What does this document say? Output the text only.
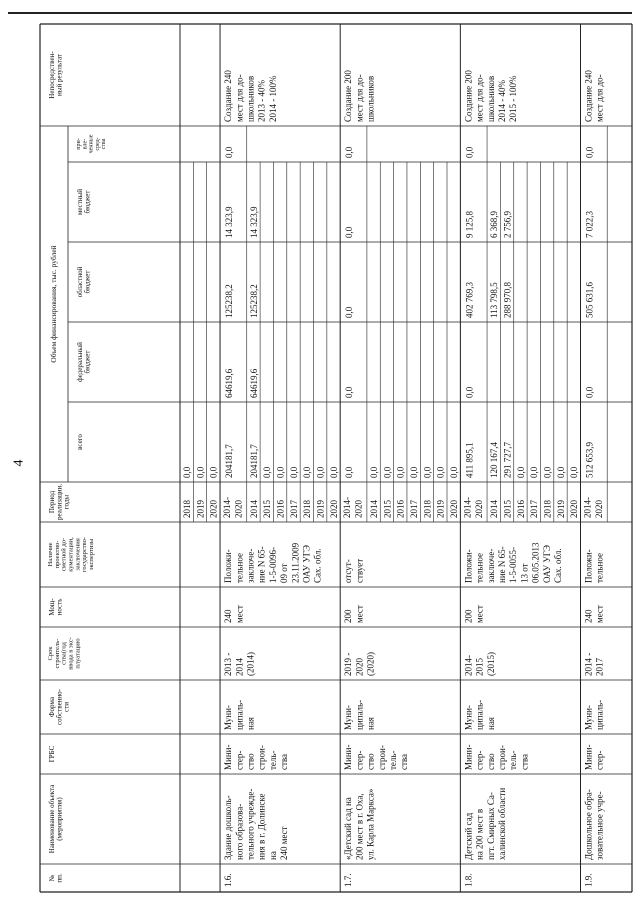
4
№пп.
Наименование объекта(мероприятия)
ГРБС
Формасобственно-сти
Срокстроитель-ства(годввода в экс-плуатацию
Мощ-ность
Наличиепроектно-сметной до-кументации,заключениягосударство-экспертизы
Периодреализации,годы
Объем финансирования, тыс. рублей
всего
федеральныйбюджет
областнойбюджет
местныйбюджет
при-вле-ченныесред-ства
Непосредствен-ный результат
2018
0,0
2019
0,0
2020
0,0
1.6.
Здание дошколь-ного образова-тельного учрежде-ния в г. Долинскена240 мест
Мини-стер-ствострои-тель-ства
Муни-ципаль-ная
2013 -2014(2014)
240мест
Положи-тельноезаключе-ние N 65-1-5-0096-09 от23.11.2009ОАУ УГЭСах. обл.
Создание 240мест для до-школьников2013 - 40%2014 - 100%
2014- 2020
204181,7
64619,6
125238,2
14 323,9
0,0
2014
204181,7
64619,6
125238,2
14 323,9
2015
0,0
2016
0,0
2017
0,0
2018
0,0
2019
0,0
2020
0,0
1.7.
«Детский сад на200 мест в г. Оха,ул. Карла Маркса»
Мини-стер-ствострои-тель-ства
Муни-ципаль-ная
2019 -2020(2020)
200мест
отсут-ствует
Создание 200мест для до-школьников
2014- 2020
0,0
0,0
0,0
0,0
0,0
2014
0,0
2015
0,0
2016
0,0
2017
0,0
2018
0,0
2019
0,0
2020
0,0
1.8.
Детский садна 200 мест впгт. Смирных Са-халинской области
Мини-стер-ствострои-тель-ства
Муни-ципаль-ная
2014-2015(2015)
200мест
Положи-тельноезаключе-ние N 65-1-5-0055-13 от06.05.2013ОАУ УГЭСах. обл.
Создание 200мест для до-школьников2014 - 40%2015 - 100%
2014- 2020
411 895,1
0,0
402 769,3
9 125,8
0,0
2014
120 167,4
113 798,5
6 368,9
2015
291 727,7
288 970,8
2 756,9
2016
0,0
2017
0,0
2018
0,0
2019
0,0
2020
0,0
1.9.
Дошкольное обра-зовательное учре-
Мини-стер-
Муни-ципаль-
2014 -2017
240мест
Положи-тельное
Создание 240мест для до-
2014- 2020
512 653,9
0,0
505 631,6
7 022,3
0,0
